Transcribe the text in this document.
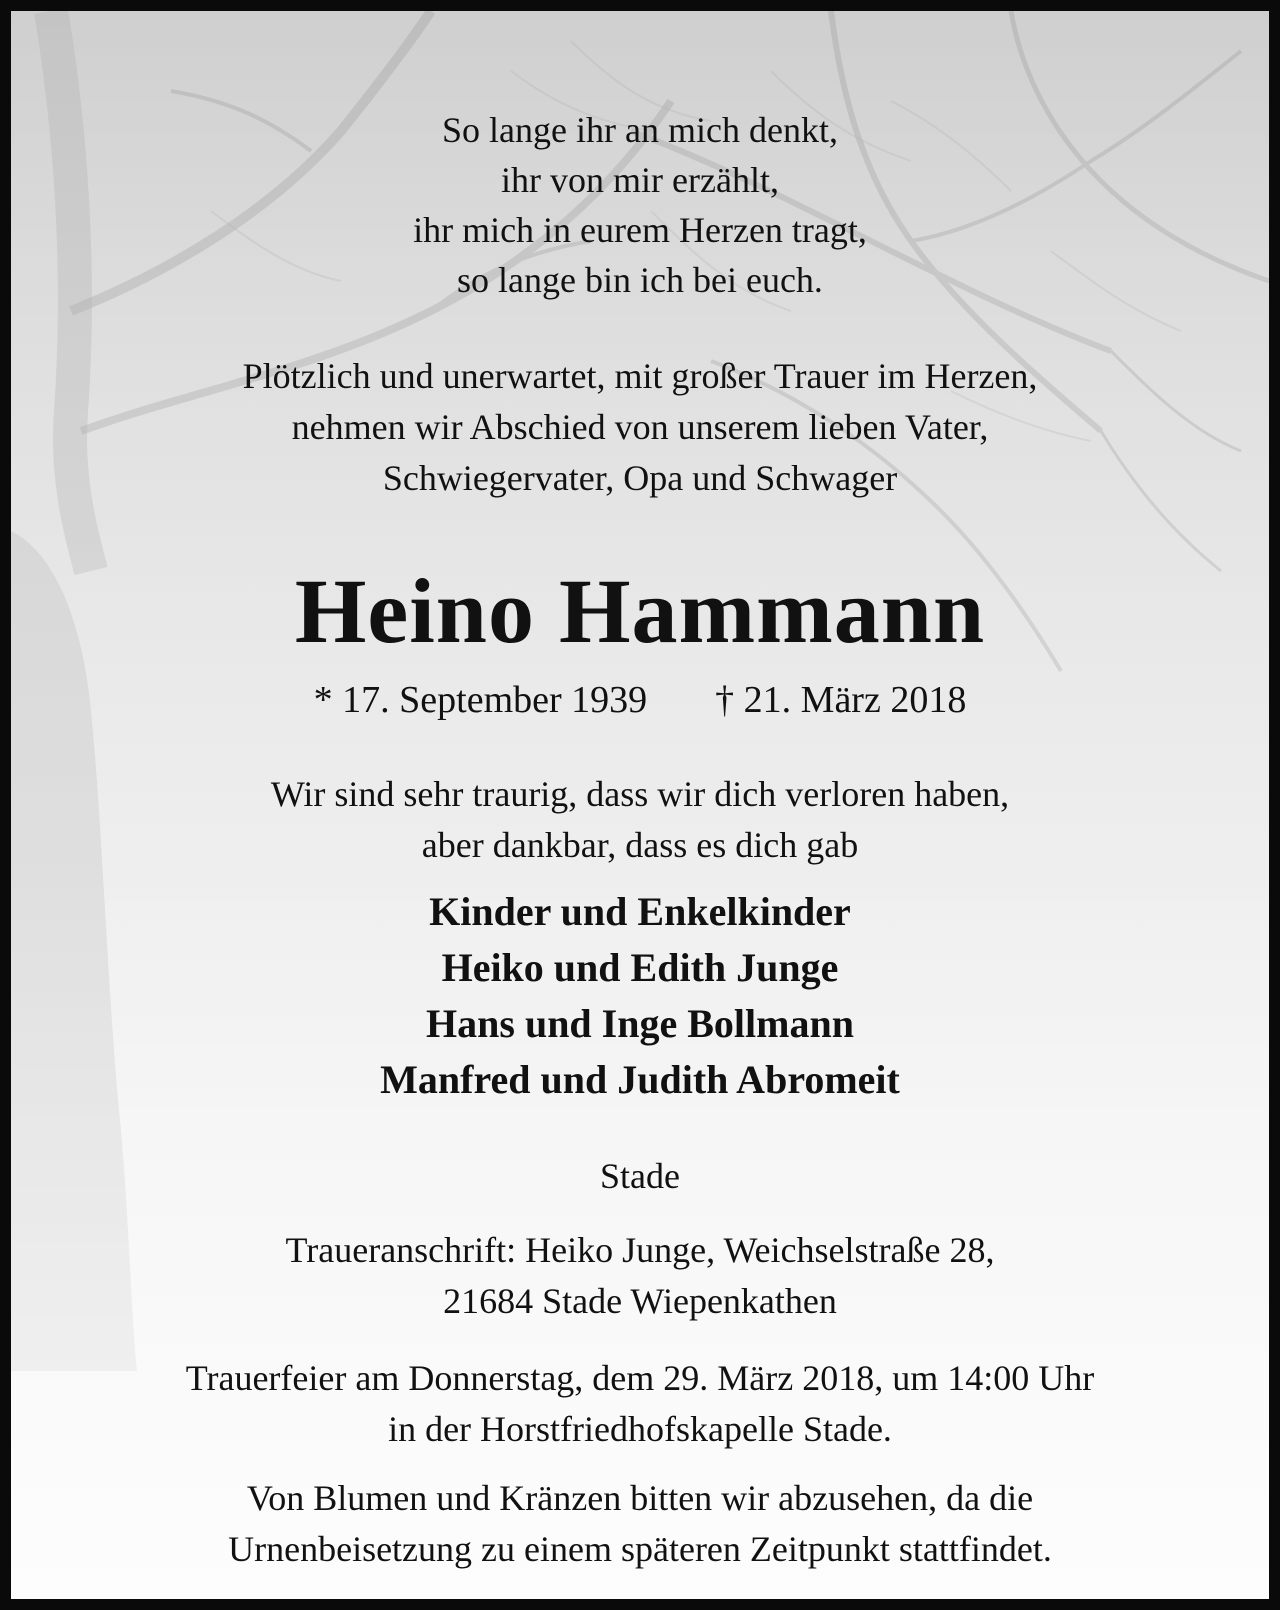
So lange ihr an mich denkt,
ihr von mir erzählt,
ihr mich in eurem Herzen tragt,
so lange bin ich bei euch.
Plötzlich und unerwartet, mit großer Trauer im Herzen,
nehmen wir Abschied von unserem lieben Vater,
Schwiegervater, Opa und Schwager
Heino Hammann
* 17. September 1939 † 21. März 2018
Wir sind sehr traurig, dass wir dich verloren haben,
aber dankbar, dass es dich gab
Kinder und Enkelkinder
Heiko und Edith Junge
Hans und Inge Bollmann
Manfred und Judith Abromeit
Stade
Traueranschrift: Heiko Junge, Weichselstraße 28,
21684 Stade Wiepenkathen
Trauerfeier am Donnerstag, dem 29. März 2018, um 14:00 Uhr
in der Horstfriedhofskapelle Stade.
Von Blumen und Kränzen bitten wir abzusehen, da die
Urnenbeisetzung zu einem späteren Zeitpunkt stattfindet.
